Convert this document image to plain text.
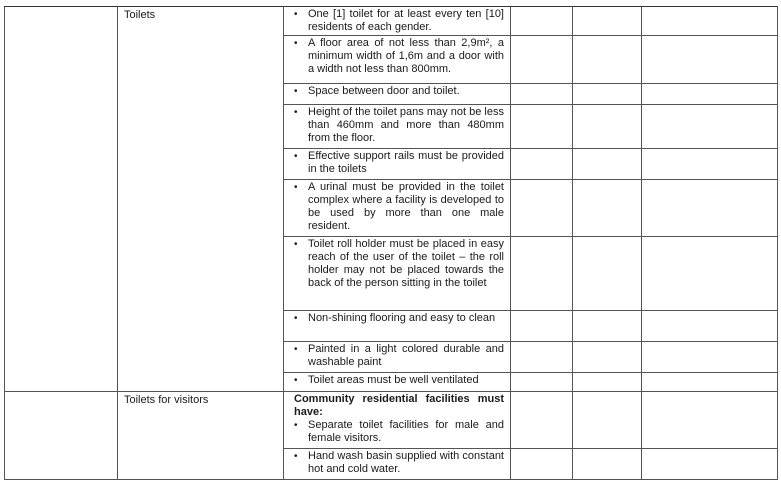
	Toilets	• One [1] toilet for at least every ten [10] residents of each gender.			

		• A floor area of not less than 2,9m², a minimum width of 1,6m and a door with a width not less than 800mm.			

		• Space between door and toilet.			

		• Height of the toilet pans may not be less than 460mm and more than 480mm from the floor.			

		• Effective support rails must be provided in the toilets			

		• A urinal must be provided in the toilet complex where a facility is developed to be used by more than one male resident.			

		• Toilet roll holder must be placed in easy reach of the user of the toilet – the roll holder may not be placed towards the back of the person sitting in the toilet			

		• Non-shining flooring and easy to clean			

		• Painted in a light colored durable and washable paint			

		• Toilet areas must be well ventilated			

	Toilets for visitors	Community residential facilities must have:
• Separate toilet facilities for male and female visitors.			

		• Hand wash basin supplied with constant hot and cold water.			
